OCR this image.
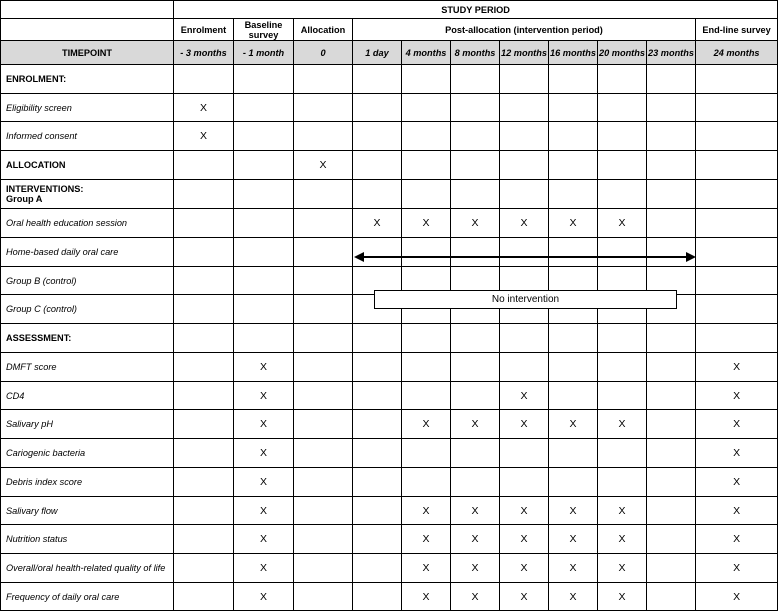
	STUDY PERIOD										
	Enrolment	Baseline survey	Allocation	Post-allocation (intervention period)							End-line survey
TIMEPOINT	- 3 months	- 1 month	0	1 day	4 months	8 months	12 months	16 months	20 months	23 months	24 months
ENROLMENT:											
Eligibility screen	X										
Informed consent	X										
ALLOCATION			X								

INTERVENTIONS:
Group A											

Oral health education session				X	X	X	X	X	X		
Home-based daily oral care											
Group B (control)											
Group C (control)											
ASSESSMENT:											
DMFT score		X									X
CD4		X					X				X
Salivary pH		X			X	X	X	X	X		X
Cariogenic bacteria		X									X
Debris index score		X									X
Salivary flow		X			X	X	X	X	X		X
Nutrition status		X			X	X	X	X	X		X
Overall/oral health-related quality of life		X			X	X	X	X	X		X
Frequency of daily oral care		X			X	X	X	X	X		X
No intervention
